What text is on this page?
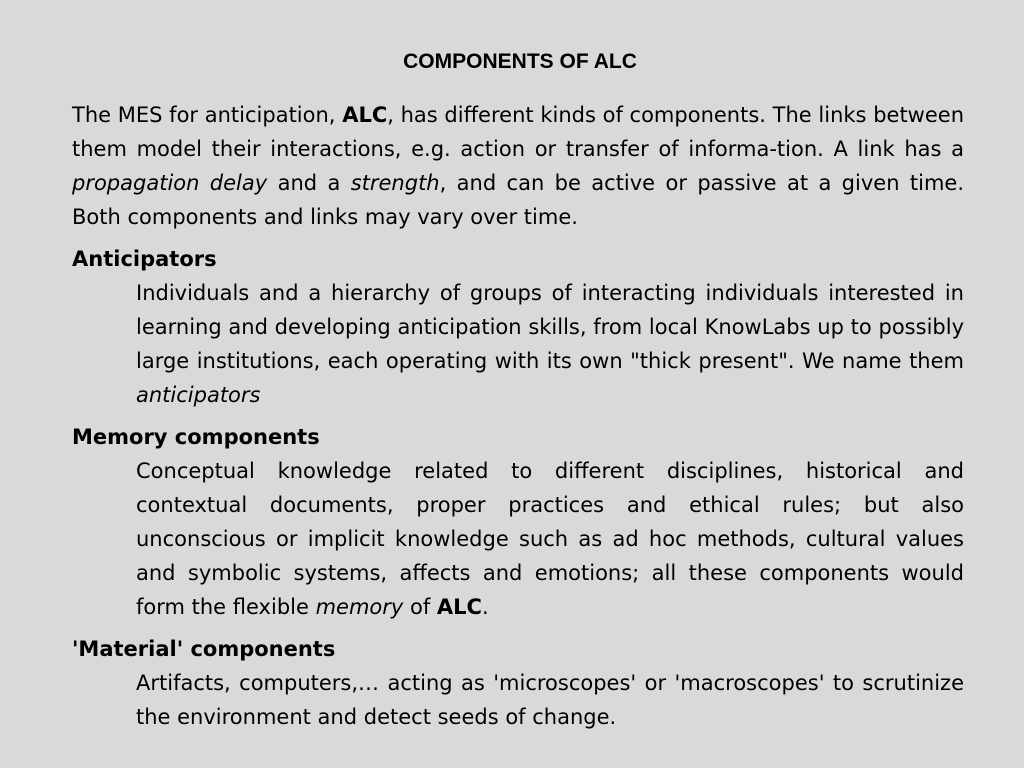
COMPONENTS OF ALC

The MES for anticipation, ALC, has different kinds of components. The links between them model their interactions, e.g. action or transfer of informa-tion. A link has a propagation delay and a strength, and can be active or passive at a given time. Both components and links may vary over time.

Anticipators

Individuals and a hierarchy of groups of interacting individuals interested in learning and developing anticipation skills, from local KnowLabs up to possibly large institutions, each operating with its own "thick present". We name them anticipators

Memory components

Conceptual knowledge related to different disciplines, historical and contextual documents, proper practices and ethical rules; but also unconscious or implicit knowledge such as ad hoc methods, cultural values and symbolic systems, affects and emotions; all these components would form the flexible memory of ALC.

'Material' components

Artifacts, computers,… acting as 'microscopes' or 'macroscopes' to scrutinize the environment and detect seeds of change.
